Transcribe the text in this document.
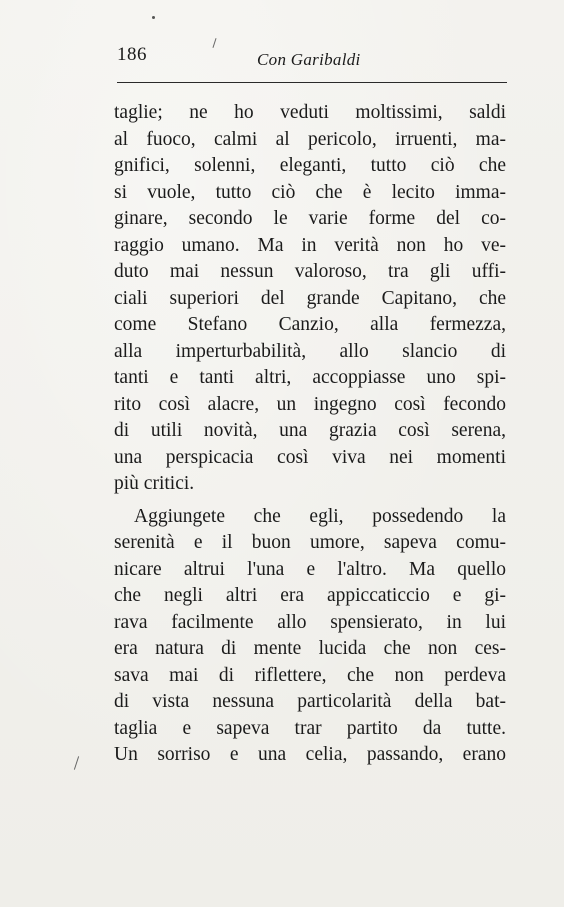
186	Con Garibaldi
taglie; ne ho veduti moltissimi, saldi
al fuoco, calmi al pericolo, irruenti, ma-
gnifici, solenni, eleganti, tutto ciò che
si vuole, tutto ciò che è lecito imma-
ginare, secondo le varie forme del co-
raggio umano. Ma in verità non ho ve-
duto mai nessun valoroso, tra gli uffi-
ciali superiori del grande Capitano, che
come Stefano Canzio, alla fermezza,
alla imperturbabilità, allo slancio di
tanti e tanti altri, accoppiasse uno spi-
rito così alacre, un ingegno così fecondo
di utili novità, una grazia così serena,
una perspicacia così viva nei momenti
più critici.
Aggiungete che egli, possedendo la
serenità e il buon umore, sapeva comu-
nicare altrui l'una e l'altro. Ma quello
che negli altri era appiccaticcio e gi-
rava facilmente allo spensierato, in lui
era natura di mente lucida che non ces-
sava mai di riflettere, che non perdeva
di vista nessuna particolarità della bat-
taglia e sapeva trar partito da tutte.
Un sorriso e una celia, passando, erano
